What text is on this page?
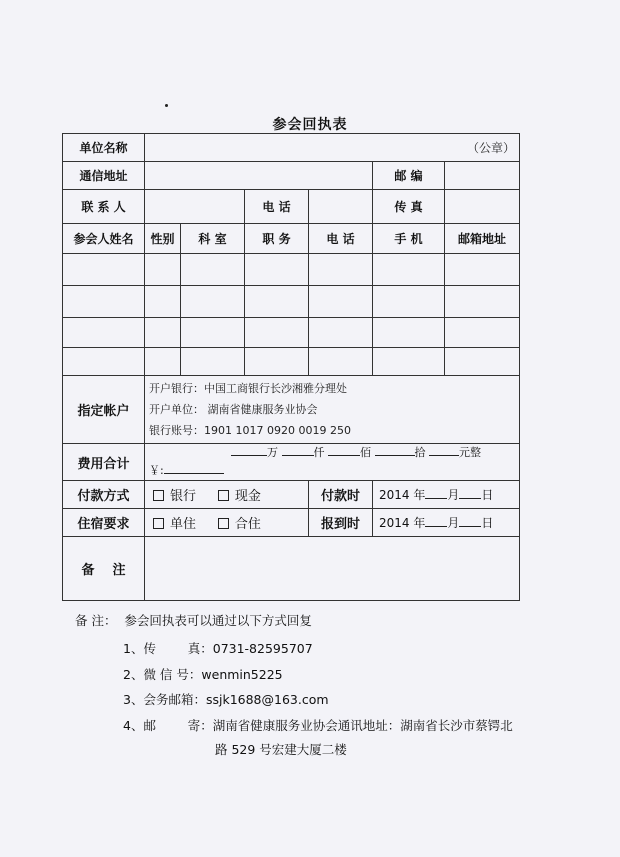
参会回执表
单位名称	（公章）					
通信地址					邮 编	
联 系 人			电 话		传 真	
参会人姓名	性别	科 室	职 务	电 话	手 机	邮箱地址

指定帐户	开户银行：中国工商银行长沙湘雅分理处
开户单位： 湖南省健康服务业协会
银行账号：1901 1017 0920 0019 250					

费用合计	万 仟 佰 拾 元整
￥:					

付款方式	银行 现金			付款时	2014 年 月 日	
住宿要求	单住 合住			报到时	2014 年 月 日	
备    注						
备 注：  参会回执表可以通过以下方式回复
1、传        真：0731-82595707
2、微 信 号：wenmin5225
3、会务邮箱：ssjk1688@163.com
4、邮        寄：湖南省健康服务业协会通讯地址：湖南省长沙市蔡锷北
路 529 号宏建大厦二楼
